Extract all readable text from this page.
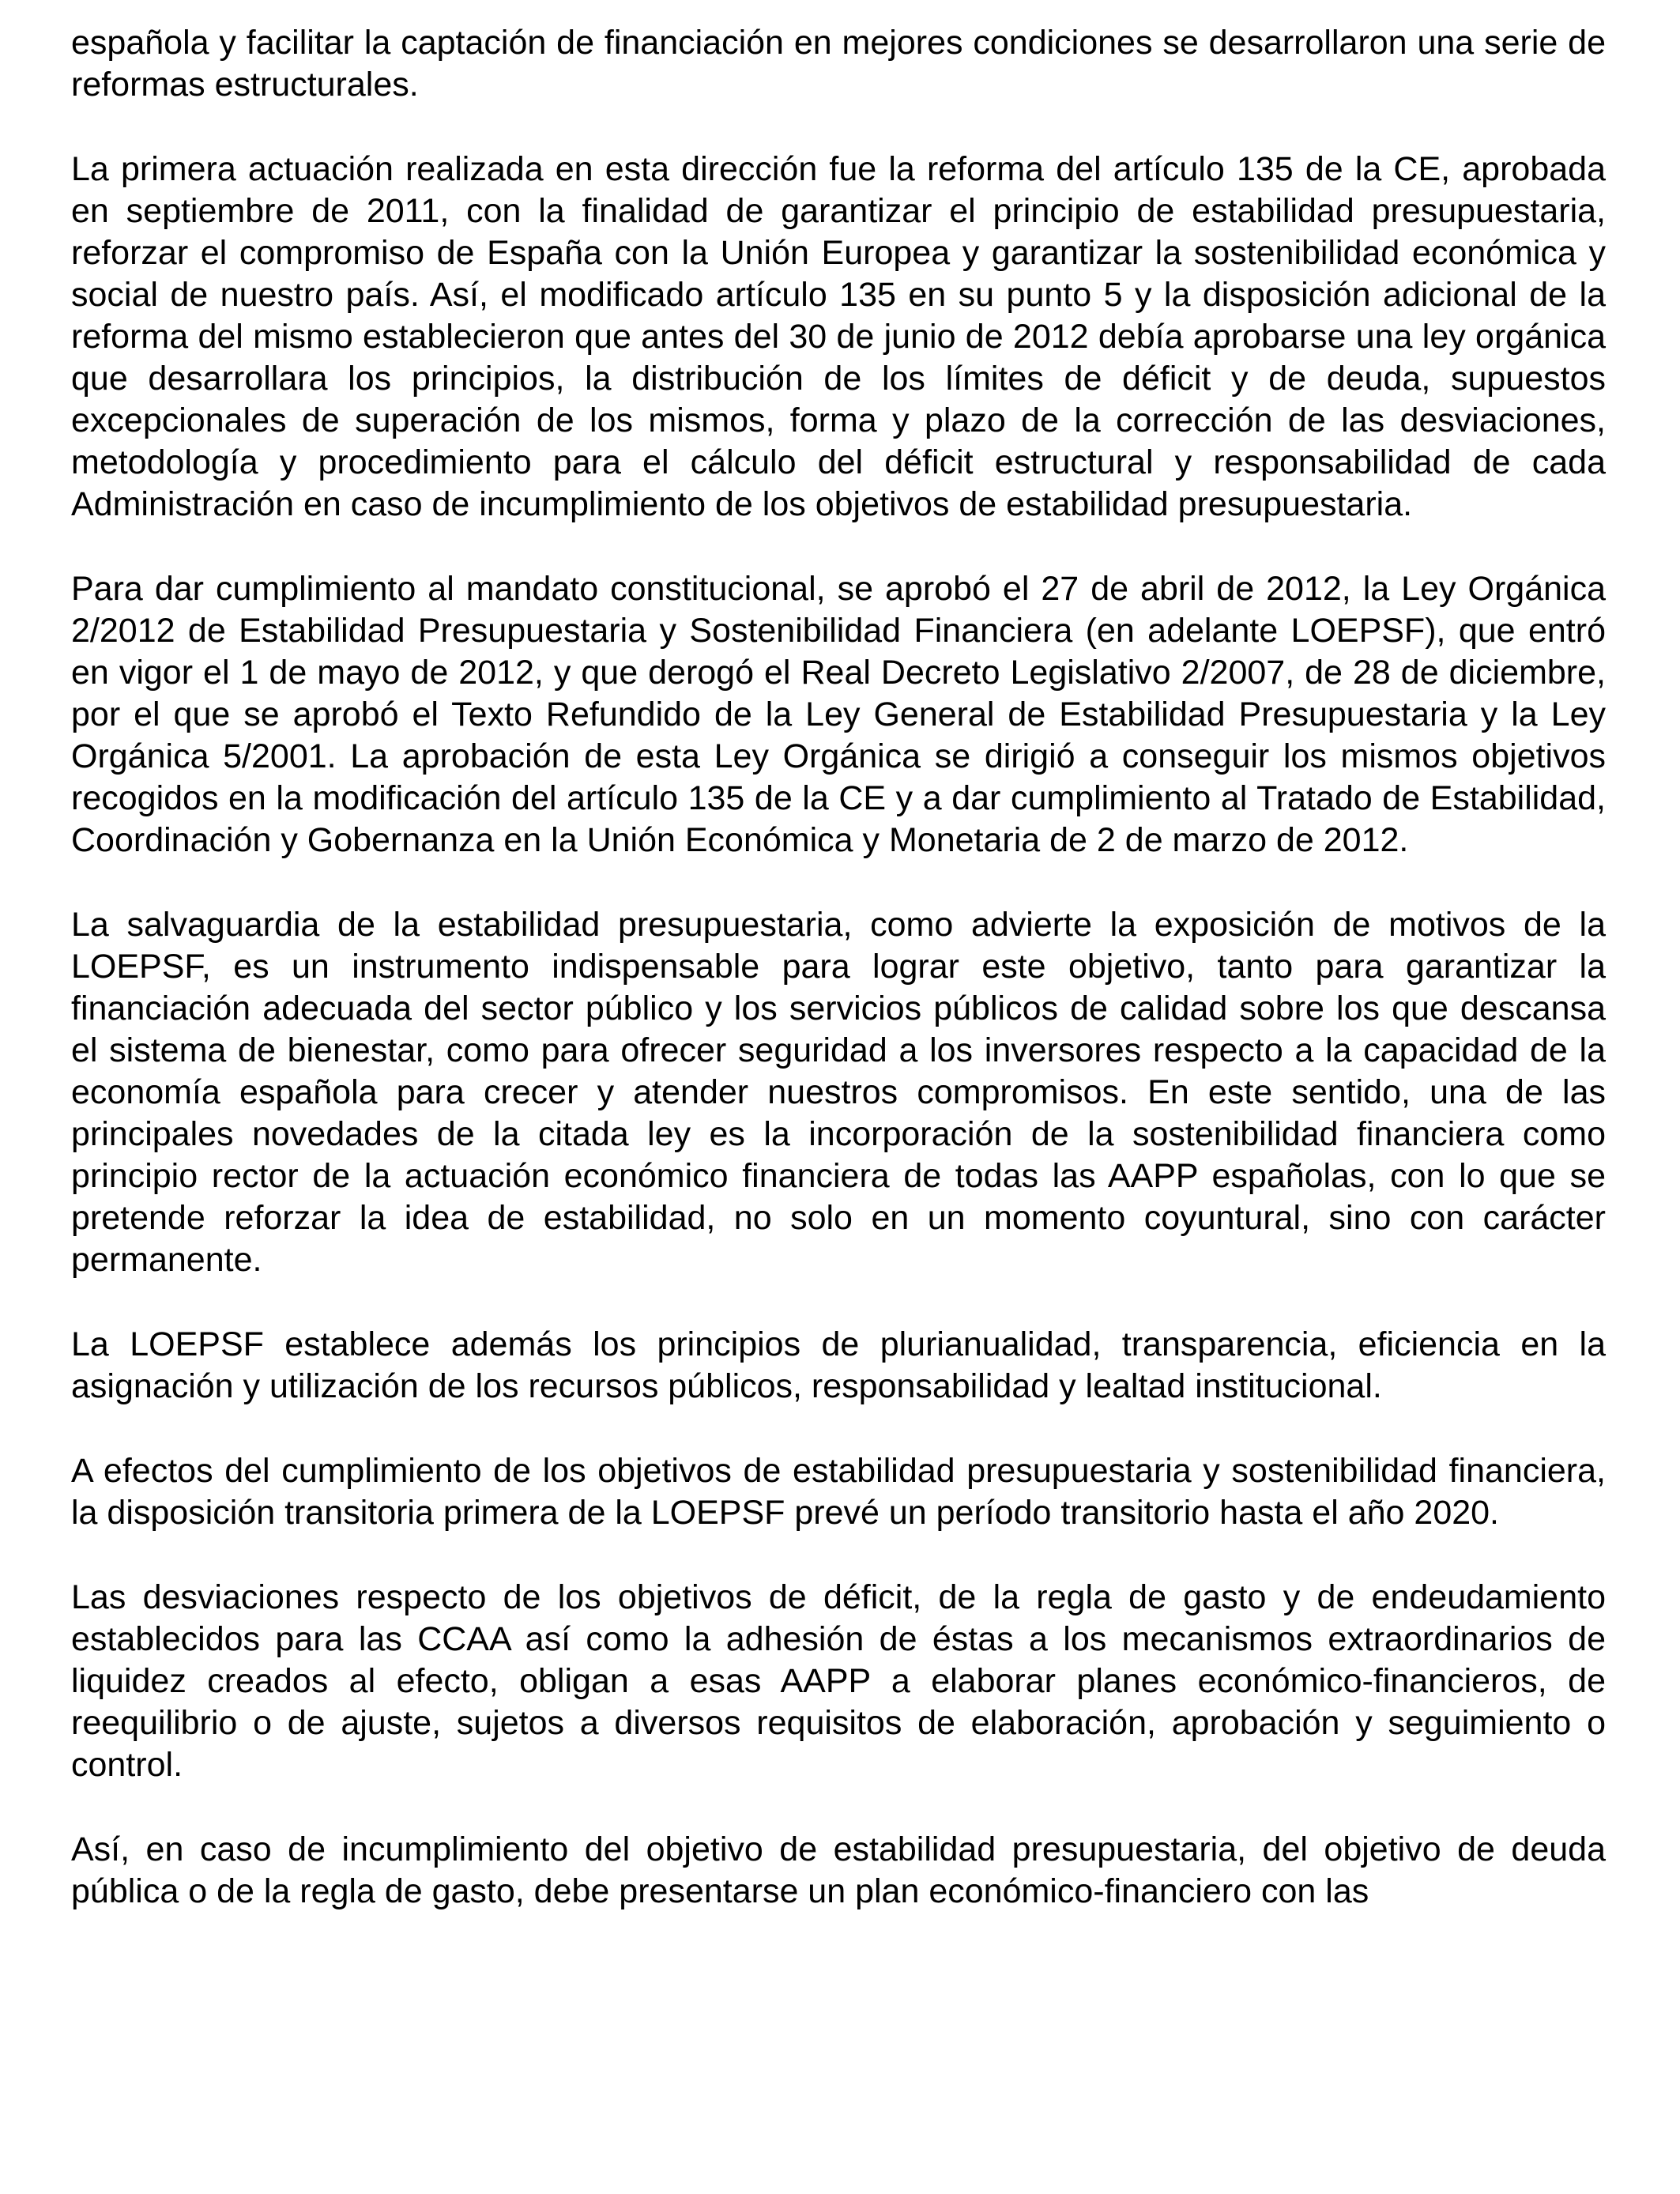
española y facilitar la captación de financiación en mejores condiciones se desarrollaron una serie de reformas estructurales.

La primera actuación realizada en esta dirección fue la reforma del artículo 135 de la CE, aprobada en septiembre de 2011, con la finalidad de garantizar el principio de estabilidad presupuestaria, reforzar el compromiso de España con la Unión Europea y garantizar la sostenibilidad económica y social de nuestro país. Así, el modificado artículo 135 en su punto 5 y la disposición adicional de la reforma del mismo establecieron que antes del 30 de junio de 2012 debía aprobarse una ley orgánica que desarrollara los principios, la distribución de los límites de déficit y de deuda, supuestos excepcionales de superación de los mismos, forma y plazo de la corrección de las desviaciones, metodología y procedimiento para el cálculo del déficit estructural y responsabilidad de cada Administración en caso de incumplimiento de los objetivos de estabilidad presupuestaria.

Para dar cumplimiento al mandato constitucional, se aprobó el 27 de abril de 2012, la Ley Orgánica 2/2012 de Estabilidad Presupuestaria y Sostenibilidad Financiera (en adelante LOEPSF), que entró en vigor el 1 de mayo de 2012, y que derogó el Real Decreto Legislativo 2/2007, de 28 de diciembre, por el que se aprobó el Texto Refundido de la Ley General de Estabilidad Presupuestaria y la Ley Orgánica 5/2001. La aprobación de esta Ley Orgánica se dirigió a conseguir los mismos objetivos recogidos en la modificación del artículo 135 de la CE y a dar cumplimiento al Tratado de Estabilidad, Coordinación y Gobernanza en la Unión Económica y Monetaria de 2 de marzo de 2012.

La salvaguardia de la estabilidad presupuestaria, como advierte la exposición de motivos de la LOEPSF, es un instrumento indispensable para lograr este objetivo, tanto para garantizar la financiación adecuada del sector público y los servicios públicos de calidad sobre los que descansa el sistema de bienestar, como para ofrecer seguridad a los inversores respecto a la capacidad de la economía española para crecer y atender nuestros compromisos. En este sentido, una de las principales novedades de la citada ley es la incorporación de la sostenibilidad financiera como principio rector de la actuación económico financiera de todas las AAPP españolas, con lo que se pretende reforzar la idea de estabilidad, no solo en un momento coyuntural, sino con carácter permanente.

La LOEPSF establece además los principios de plurianualidad, transparencia, eficiencia en la asignación y utilización de los recursos públicos, responsabilidad y lealtad institucional.

A efectos del cumplimiento de los objetivos de estabilidad presupuestaria y sostenibilidad financiera, la disposición transitoria primera de la LOEPSF prevé un período transitorio hasta el año 2020.

Las desviaciones respecto de los objetivos de déficit, de la regla de gasto y de endeudamiento establecidos para las CCAA así como la adhesión de éstas a los mecanismos extraordinarios de liquidez creados al efecto, obligan a esas AAPP a elaborar planes económico-financieros, de reequilibrio o de ajuste, sujetos a diversos requisitos de elaboración, aprobación y seguimiento o control.

Así, en caso de incumplimiento del objetivo de estabilidad presupuestaria, del objetivo de deuda pública o de la regla de gasto, debe presentarse un plan económico-financiero con las
